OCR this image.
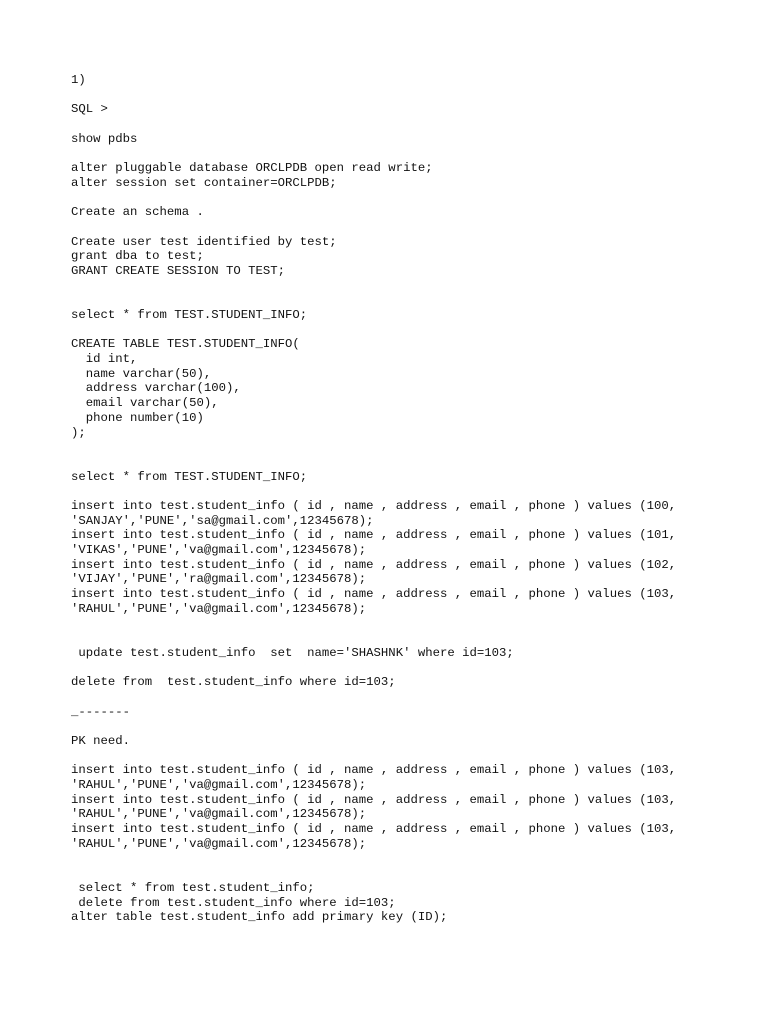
1)
SQL >
show pdbs
alter pluggable database ORCLPDB open read write;
alter session set container=ORCLPDB;
Create an schema .
Create user test identified by test;
grant dba to test;
GRANT CREATE SESSION TO TEST;
select * from TEST.STUDENT_INFO;
CREATE TABLE TEST.STUDENT_INFO(
id int,
name varchar(50),
address varchar(100),
email varchar(50),
phone number(10)
);
select * from TEST.STUDENT_INFO;
insert into test.student_info ( id , name , address , email , phone ) values (100,
'SANJAY','PUNE','sa@gmail.com',12345678);
insert into test.student_info ( id , name , address , email , phone ) values (101,
'VIKAS','PUNE','va@gmail.com',12345678);
insert into test.student_info ( id , name , address , email , phone ) values (102,
'VIJAY','PUNE','ra@gmail.com',12345678);
insert into test.student_info ( id , name , address , email , phone ) values (103,
'RAHUL','PUNE','va@gmail.com',12345678);
update test.student_info  set  name='SHASHNK' where id=103;
delete from  test.student_info where id=103;
_-------
PK need.
insert into test.student_info ( id , name , address , email , phone ) values (103,
'RAHUL','PUNE','va@gmail.com',12345678);
insert into test.student_info ( id , name , address , email , phone ) values (103,
'RAHUL','PUNE','va@gmail.com',12345678);
insert into test.student_info ( id , name , address , email , phone ) values (103,
'RAHUL','PUNE','va@gmail.com',12345678);
select * from test.student_info;
delete from test.student_info where id=103;
alter table test.student_info add primary key (ID);
